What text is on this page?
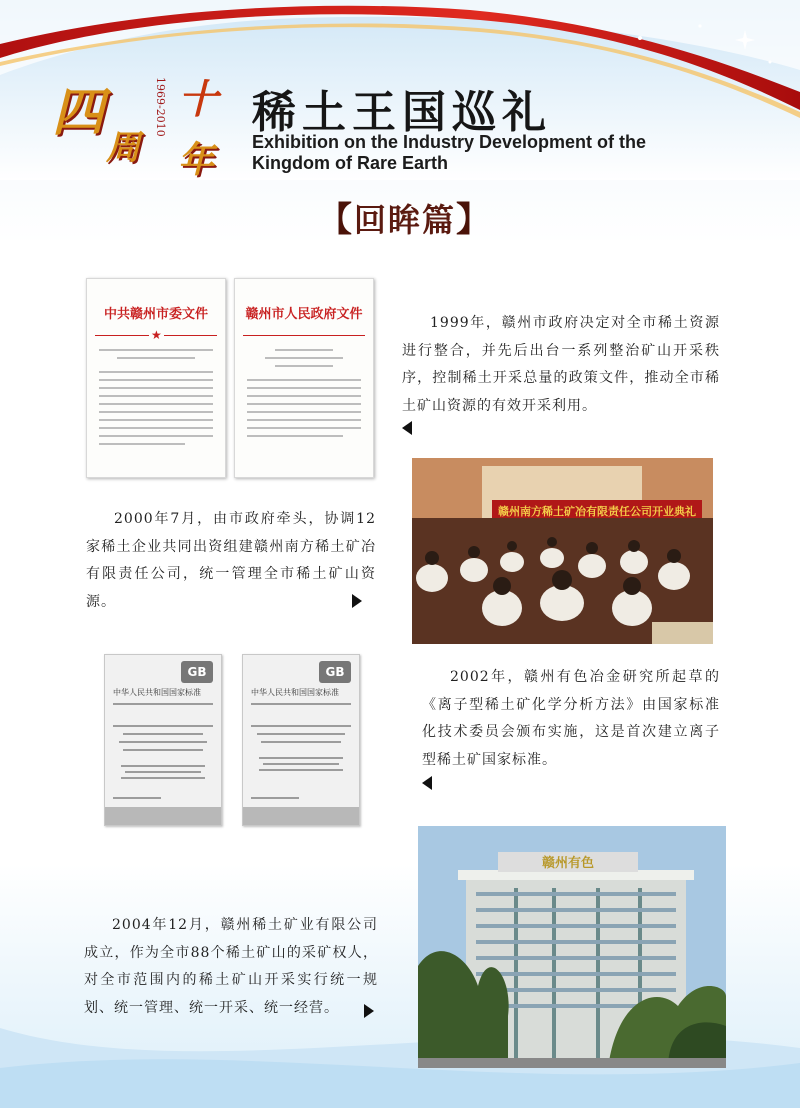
四 十
1969-2010
周 年
稀土王国巡礼
Exhibition on the Industry Development of the Kingdom of Rare Earth
【回眸篇】
中共赣州市委文件
★
赣州市人民政府文件

1999年，赣州市政府决定对全市稀土资源进行整合，并先后出台一系列整治矿山开采秩序，控制稀土开采总量的政策文件，推动全市稀土矿山资源的有效开采利用。

赣州南方稀土矿冶有限责任公司开业典礼

2000年7月，由市政府牵头，协调12家稀土企业共同出资组建赣州南方稀土矿冶有限责任公司，统一管理全市稀土矿山资源。

GB
中华人民共和国国家标准
GB
中华人民共和国国家标准

2002年，赣州有色冶金研究所起草的《离子型稀土矿化学分析方法》由国家标准化技术委员会颁布实施，这是首次建立离子型稀土矿国家标准。

赣州有色

2004年12月，赣州稀土矿业有限公司成立，作为全市88个稀土矿山的采矿权人，对全市范围内的稀土矿山开采实行统一规划、统一管理、统一开采、统一经营。
